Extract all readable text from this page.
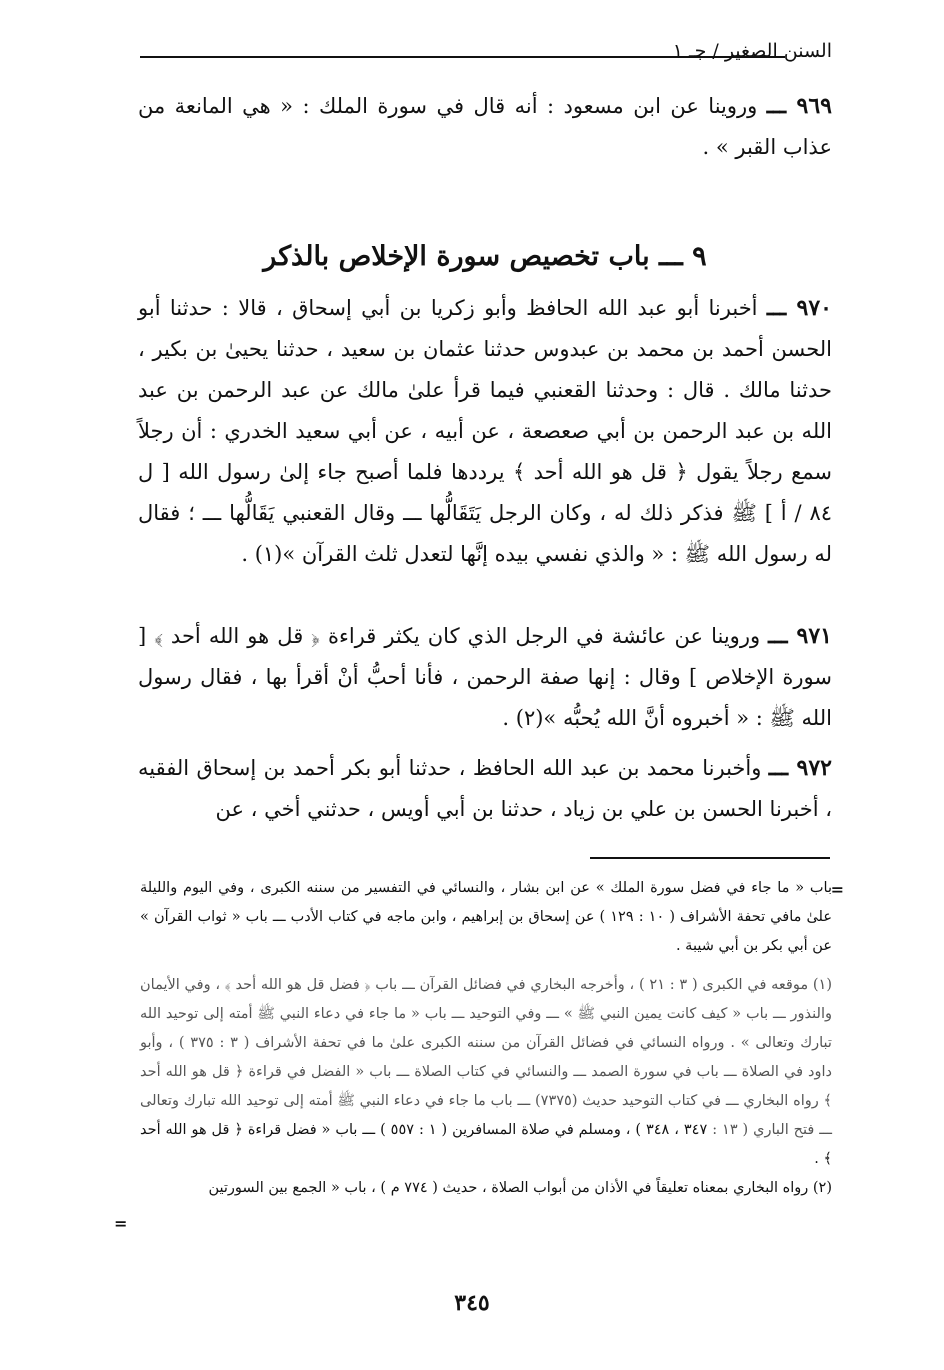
السنن الصغير / جـ ١
٩٦٩ ـــ وروينا عن ابن مسعود : أنه قال في سورة الملك : « هي المانعة من عذاب القبر » .
٩ ـــ باب تخصيص سورة الإخلاص بالذكر
٩٧٠ ـــ أخبرنا أبو عبد الله الحافظ وأبو زكريا بن أبي إسحاق ، قالا : حدثنا أبو الحسن أحمد بن محمد بن عبدوس حدثنا عثمان بن سعيد ، حدثنا يحيىٰ بن بكير ، حدثنا مالك . قال : وحدثنا القعنبي فيما قرأ علىٰ مالك عن عبد الرحمن بن عبد الله بن عبد الرحمن بن أبي صعصعة ، عن أبيه ، عن أبي سعيد الخدري : أن رجلاً سمع رجلاً يقول ﴿ قل هو الله أحد ﴾ يرددها فلما أصبح جاء إلىٰ رسول الله [ ل ٨٤ / أ ] ﷺ فذكر ذلك له ، وكان الرجل يَتَقَالُّها ـــ وقال القعنبي يَقَالُّها ـــ ؛ فقال له رسول الله ﷺ : « والذي نفسي بيده إنَّها لتعدل ثلث القرآن »(١) .
٩٧١ ـــ وروينا عن عائشة في الرجل الذي كان يكثر قراءة ﴿ قل هو الله أحد ﴾ [ سورة الإخلاص ] وقال : إنها صفة الرحمن ، فأنا أحبُّ أنْ أقرأ بها ، فقال رسول الله ﷺ : « أخبروه أنَّ الله يُحبُّه »(٢) .
٩٧٢ ـــ وأخبرنا محمد بن عبد الله الحافظ ، حدثنا أبو بكر أحمد بن إسحاق الفقيه ، أخبرنا الحسن بن علي بن زياد ، حدثنا بن أبي أويس ، حدثني أخي ، عن
=

باب « ما جاء في فضل سورة الملك » عن ابن بشار ، والنسائي في التفسير من سننه الكبرى ، وفي اليوم والليلة علىٰ مافي تحفة الأشراف ( ١٠ : ١٢٩ ) عن إسحاق بن إبراهيم ، وابن ماجه في كتاب الأدب ـــ باب « ثواب القرآن » عن أبي بكر بن أبي شيبة .

(١) موقعه في الكبرى ( ٣ : ٢١ ) ، وأخرجه البخاري في فضائل القرآن ـــ باب ﴿ فضل قل هو الله أحد ﴾ ، وفي الأيمان والنذور ـــ باب « كيف كانت يمين النبي ﷺ » ـــ وفي التوحيد ـــ باب « ما جاء في دعاء النبي ﷺ أمته إلى توحيد الله تبارك وتعالى » . ورواه النسائي في فضائل القرآن من سننه الكبرى علىٰ ما في تحفة الأشراف ( ٣ : ٣٧٥ ) ، وأبو داود في الصلاة ـــ باب في سورة الصمد ـــ والنسائي في كتاب الصلاة ـــ باب « الفضل في قراءة ﴿ قل هو الله أحد ﴾ رواه البخاري ـــ في كتاب التوحيد حديث (٧٣٧٥) ـــ باب ما جاء في دعاء النبي ﷺ أمته إلى توحيد الله تبارك وتعالى ـــ فتح الباري ( ١٣ : ٣٤٧ ، ٣٤٨ ) ، ومسلم في صلاة المسافرين ( ١ : ٥٥٧ ) ـــ باب « فضل قراءة ﴿ قل هو الله أحد ﴾ .

(٢) رواه البخاري بمعناه تعليقاً في الأذان من أبواب الصلاة ، حديث ( ٧٧٤ م ) ، باب « الجمع بين السورتين

=
٣٤٥
